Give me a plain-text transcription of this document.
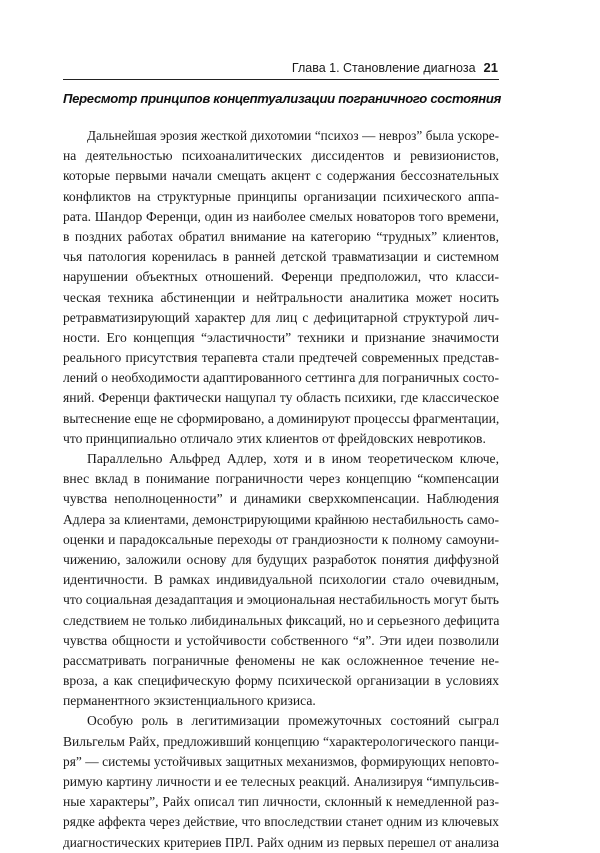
Глава 1. Становление диагноза 21
Пересмотр принципов концептуализации пограничного состояния
Дальнейшая эрозия жесткой дихотомии “психоз — невроз” была ускоре-
на деятельностью психоаналитических диссидентов и ревизионистов,
которые первыми начали смещать акцент с содержания бессознательных
конфликтов на структурные принципы организации психического аппа-
рата. Шандор Ференци, один из наиболее смелых новаторов того времени,
в поздних работах обратил внимание на категорию “трудных” клиентов,
чья патология коренилась в ранней детской травматизации и системном
нарушении объектных отношений. Ференци предположил, что класси-
ческая техника абстиненции и нейтральности аналитика может носить
ретравматизирующий характер для лиц с дефицитарной структурой лич-
ности. Его концепция “эластичности” техники и признание значимости
реального присутствия терапевта стали предтечей современных представ-
лений о необходимости адаптированного сеттинга для пограничных состо-
яний. Ференци фактически нащупал ту область психики, где классическое
вытеснение еще не сформировано, а доминируют процессы фрагментации,
что принципиально отличало этих клиентов от фрейдовских невротиков.
Параллельно Альфред Адлер, хотя и в ином теоретическом ключе,
внес вклад в понимание пограничности через концепцию “компенсации
чувства неполноценности” и динамики сверхкомпенсации. Наблюдения
Адлера за клиентами, демонстрирующими крайнюю нестабильность само-
оценки и парадоксальные переходы от грандиозности к полному самоуни-
чижению, заложили основу для будущих разработок понятия диффузной
идентичности. В рамках индивидуальной психологии стало очевидным,
что социальная дезадаптация и эмоциональная нестабильность могут быть
следствием не только либидинальных фиксаций, но и серьезного дефицита
чувства общности и устойчивости собственного “я”. Эти идеи позволили
рассматривать пограничные феномены не как осложненное течение не-
вроза, а как специфическую форму психической организации в условиях
перманентного экзистенциального кризиса.
Особую роль в легитимизации промежуточных состояний сыграл
Вильгельм Райх, предложивший концепцию “характерологического панци-
ря” — системы устойчивых защитных механизмов, формирующих неповто-
римую картину личности и ее телесных реакций. Анализируя “импульсив-
ные характеры”, Райх описал тип личности, склонный к немедленной раз-
рядке аффекта через действие, что впоследствии станет одним из ключевых
диагностических критериев ПРЛ. Райх одним из первых перешел от анализа
